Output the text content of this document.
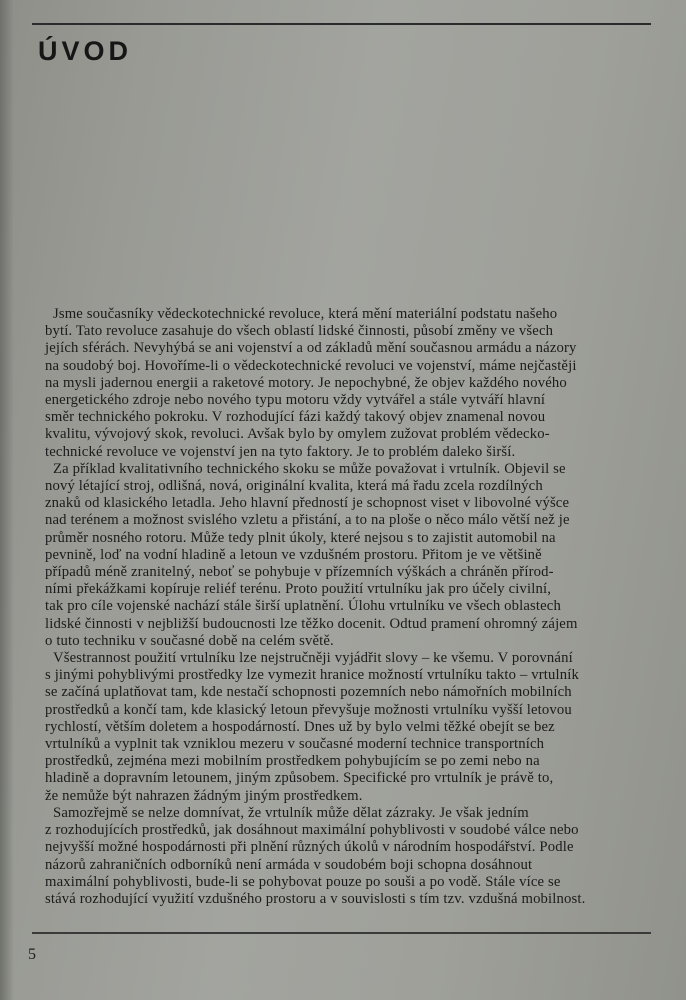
ÚVOD

Jsme současníky vědeckotechnické revoluce, která mění materiální podstatu našeho
bytí. Tato revoluce zasahuje do všech oblastí lidské činnosti, působí změny ve všech
jejích sférách. Nevyhýbá se ani vojenství a od základů mění současnou armádu a názory
na soudobý boj. Hovoříme-li o vědeckotechnické revoluci ve vojenství, máme nejčastěji
na mysli jadernou energii a raketové motory. Je nepochybné, že objev každého nového
energetického zdroje nebo nového typu motoru vždy vytvářel a stále vytváří hlavní
směr technického pokroku. V rozhodující fázi každý takový objev znamenal novou
kvalitu, vývojový skok, revoluci. Avšak bylo by omylem zužovat problém vědecko-
technické revoluce ve vojenství jen na tyto faktory. Je to problém daleko širší.

Za příklad kvalitativního technického skoku se může považovat i vrtulník. Objevil se
nový létající stroj, odlišná, nová, originální kvalita, která má řadu zcela rozdílných
znaků od klasického letadla. Jeho hlavní předností je schopnost viset v libovolné výšce
nad terénem a možnost svislého vzletu a přistání, a to na ploše o něco málo větší než je
průměr nosného rotoru. Může tedy plnit úkoly, které nejsou s to zajistit automobil na
pevnině, loď na vodní hladině a letoun ve vzdušném prostoru. Přitom je ve většině
případů méně zranitelný, neboť se pohybuje v přízemních výškách a chráněn přírod-
ními překážkami kopíruje reliéf terénu. Proto použití vrtulníku jak pro účely civilní,
tak pro cíle vojenské nachází stále širší uplatnění. Úlohu vrtulníku ve všech oblastech
lidské činnosti v nejbližší budoucnosti lze těžko docenit. Odtud pramení ohromný zájem
o tuto techniku v současné době na celém světě.

Všestrannost použití vrtulníku lze nejstručněji vyjádřit slovy – ke všemu. V porovnání
s jinými pohyblivými prostředky lze vymezit hranice možností vrtulníku takto – vrtulník
se začíná uplatňovat tam, kde nestačí schopnosti pozemních nebo námořních mobilních
prostředků a končí tam, kde klasický letoun převyšuje možnosti vrtulníku vyšší letovou
rychlostí, větším doletem a hospodárností. Dnes už by bylo velmi těžké obejít se bez
vrtulníků a vyplnit tak vzniklou mezeru v současné moderní technice transportních
prostředků, zejména mezi mobilním prostředkem pohybujícím se po zemi nebo na
hladině a dopravním letounem, jiným způsobem. Specifické pro vrtulník je právě to,
že nemůže být nahrazen žádným jiným prostředkem.

Samozřejmě se nelze domnívat, že vrtulník může dělat zázraky. Je však jedním
z rozhodujících prostředků, jak dosáhnout maximální pohyblivosti v soudobé válce nebo
nejvyšší možné hospodárnosti při plnění různých úkolů v národním hospodářství. Podle
názorů zahraničních odborníků není armáda v soudobém boji schopna dosáhnout
maximální pohyblivosti, bude-li se pohybovat pouze po souši a po vodě. Stále více se
stává rozhodující využití vzdušného prostoru a v souvislosti s tím tzv. vzdušná mobilnost.

5
